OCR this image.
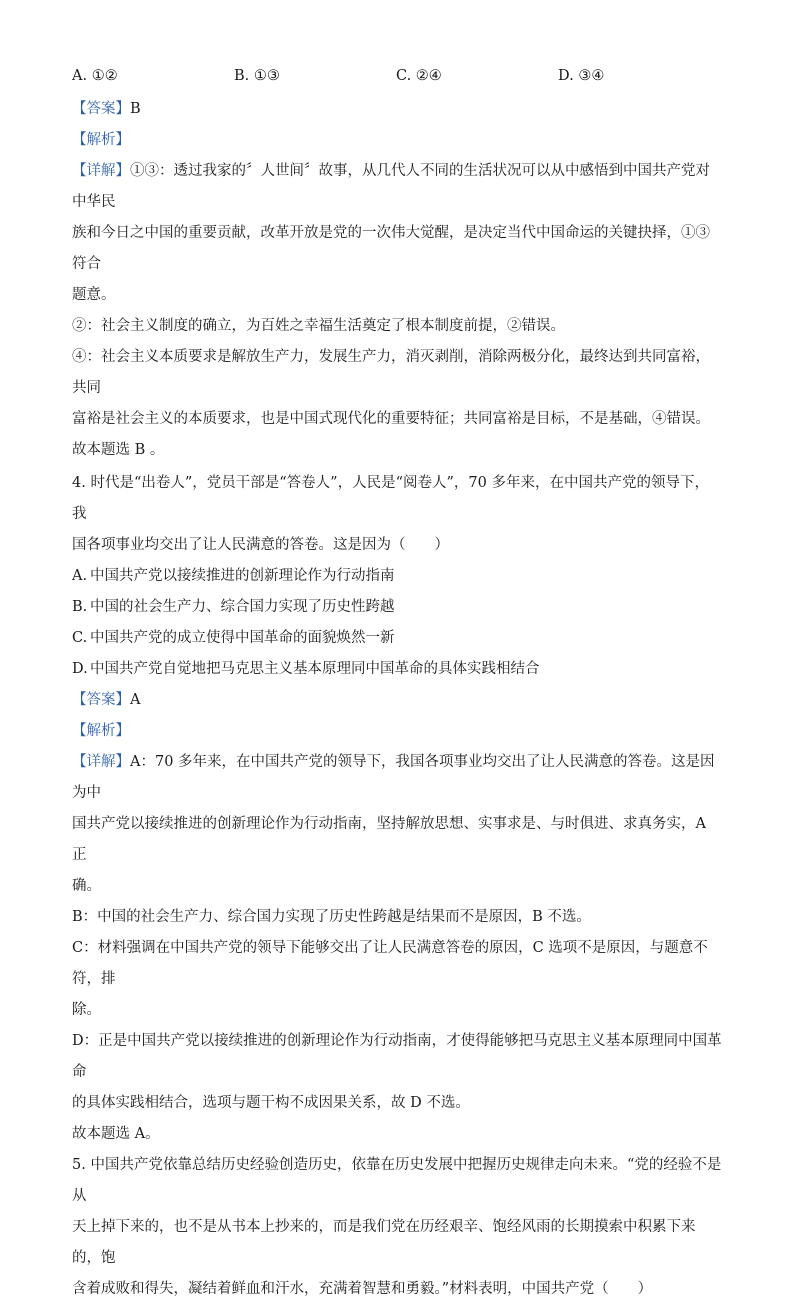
A. ①②	B. ①③	C. ②④	D. ③④
【答案】B
【解析】
【详解】①③：透过我家的〞人世间〞故事，从几代人不同的生活状况可以从中感悟到中国共产党对中华民
族和今日之中国的重要贡献，改革开放是党的一次伟大觉醒，是决定当代中国命运的关键抉择，①③符合
题意。
②：社会主义制度的确立，为百姓之幸福生活奠定了根本制度前提，②错误。
④：社会主义本质要求是解放生产力，发展生产力，消灭剥削，消除两极分化，最终达到共同富裕，共同
富裕是社会主义的本质要求，也是中国式现代化的重要特征；共同富裕是目标，不是基础，④错误。
故本题选 B 。
4. 时代是“出卷人”，党员干部是“答卷人”，人民是“阅卷人”，70 多年来，在中国共产党的领导下，我
国各项事业均交出了让人民满意的答卷。这是因为（　　）
A. 中国共产党以接续推进的创新理论作为行动指南
B. 中国的社会生产力、综合国力实现了历史性跨越
C. 中国共产党的成立使得中国革命的面貌焕然一新
D. 中国共产党自觉地把马克思主义基本原理同中国革命的具体实践相结合
【答案】A
【解析】
【详解】A：70 多年来，在中国共产党的领导下，我国各项事业均交出了让人民满意的答卷。这是因为中
国共产党以接续推进的创新理论作为行动指南，坚持解放思想、实事求是、与时俱进、求真务实，A 正
确。
B：中国的社会生产力、综合国力实现了历史性跨越是结果而不是原因，B 不选。
C：材料强调在中国共产党的领导下能够交出了让人民满意答卷的原因，C 选项不是原因，与题意不符，排
除。
D：正是中国共产党以接续推进的创新理论作为行动指南，才使得能够把马克思主义基本原理同中国革命
的具体实践相结合，选项与题干构不成因果关系，故 D 不选。
故本题选 A。
5. 中国共产党依靠总结历史经验创造历史，依靠在历史发展中把握历史规律走向未来。“党的经验不是从
天上掉下来的，也不是从书本上抄来的，而是我们党在历经艰辛、饱经风雨的长期摸索中积累下来的，饱
含着成败和得失，凝结着鲜血和汗水，充满着智慧和勇毅。”材料表明，中国共产党（　　）
